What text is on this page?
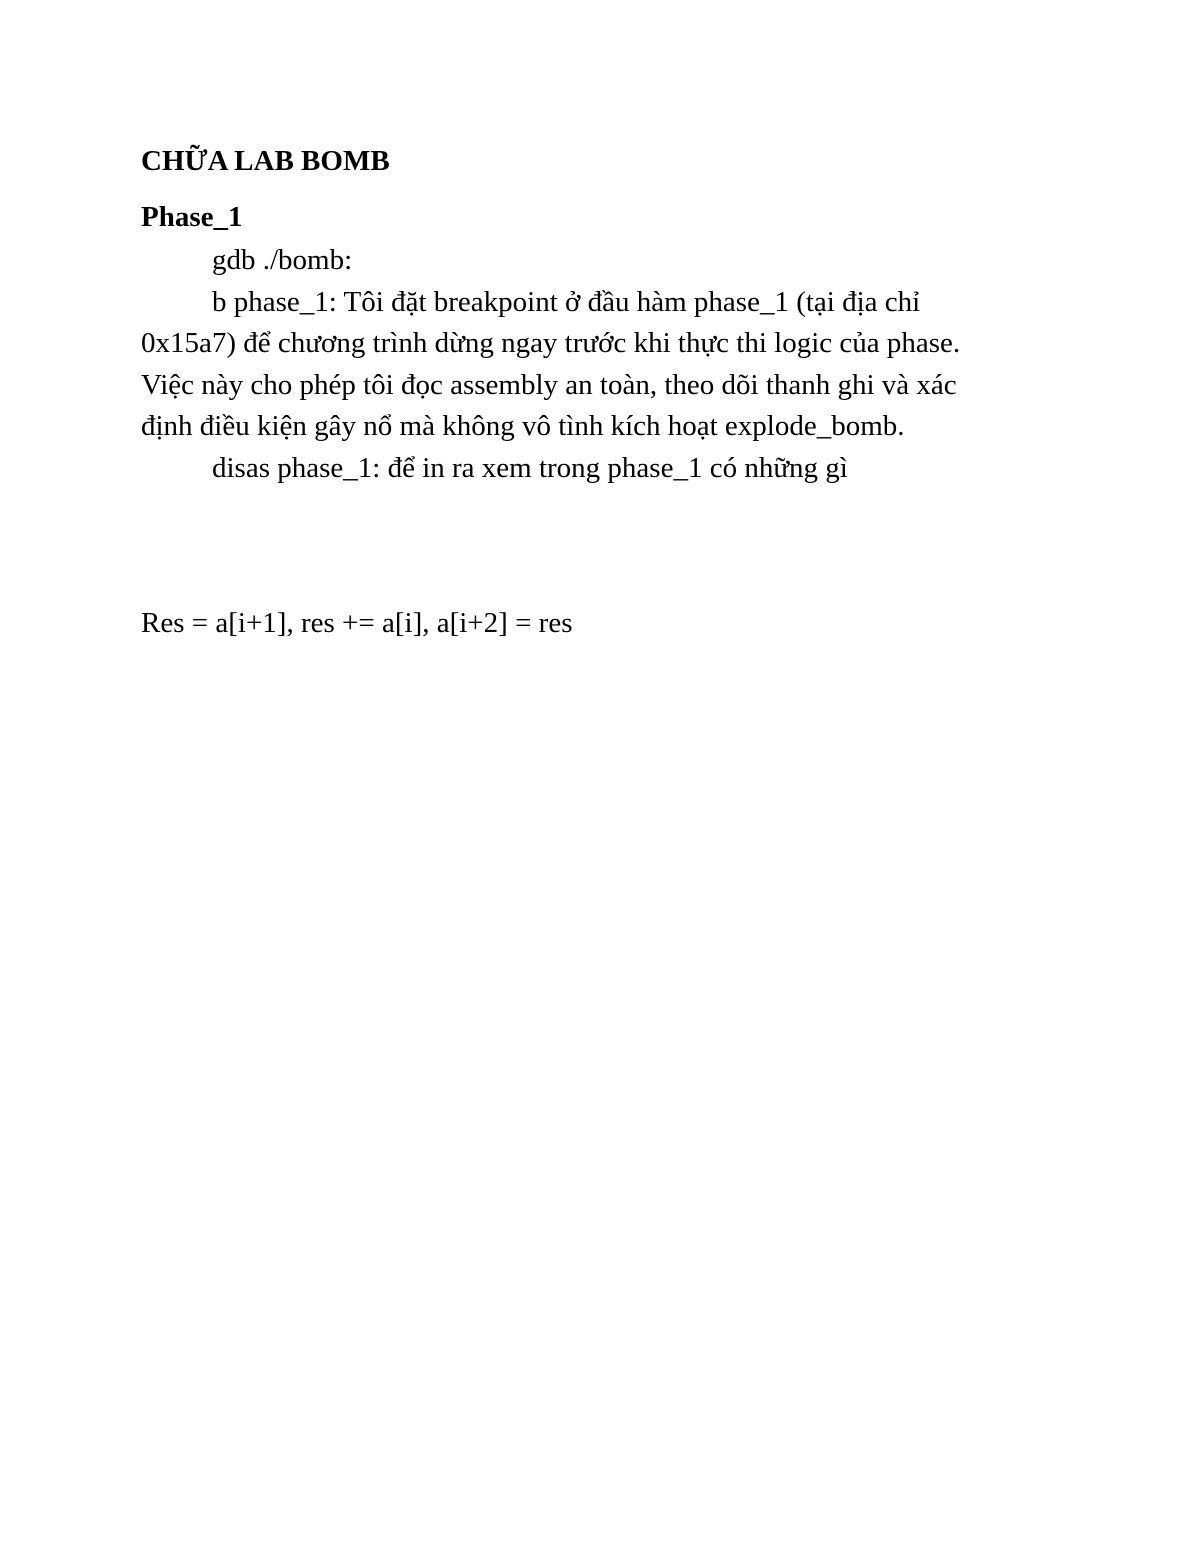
CHỮA LAB BOMB

Phase_1

gdb ./bomb:

b phase_1: Tôi đặt breakpoint ở đầu hàm phase_1 (tại địa chỉ

0x15a7) để chương trình dừng ngay trước khi thực thi logic của phase.

Việc này cho phép tôi đọc assembly an toàn, theo dõi thanh ghi và xác

định điều kiện gây nổ mà không vô tình kích hoạt explode_bomb.

disas phase_1: để in ra xem trong phase_1 có những gì

Res = a[i+1], res += a[i], a[i+2] = res
